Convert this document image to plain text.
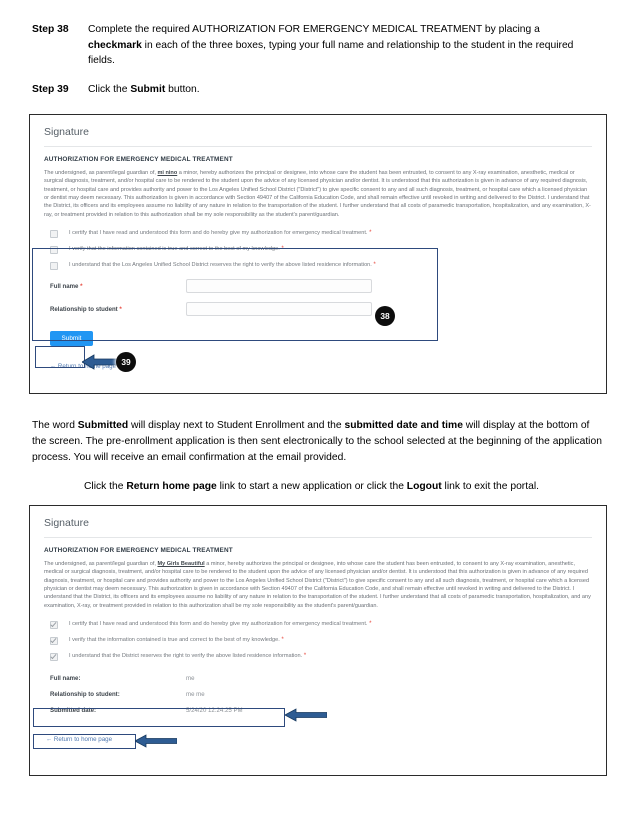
Step 38	Complete the required AUTHORIZATION FOR EMERGENCY MEDICAL TREATMENT by placing a checkmark in each of the three boxes, typing your full name and relationship to the student in the required fields.
Step 39	Click the Submit button.
Signature
AUTHORIZATION FOR EMERGENCY MEDICAL TREATMENT
The undersigned, as parent/legal guardian of, mi nino a minor, hereby authorizes the principal or designee, into whose care the student has been entrusted, to consent to any X-ray examination, anesthetic, medical or surgical diagnosis, treatment, and/or hospital care to be rendered to the student upon the advice of any licensed physician and/or dentist. It is understood that this authorization is given in advance of any required diagnosis, treatment, or hospital care and provides authority and power to the Los Angeles Unified School District ("District") to give specific consent to any and all such diagnosis, treatment, or hospital care which a licensed physician or dentist may deem necessary. This authorization is given in accordance with Section 49407 of the California Education Code, and shall remain effective until revoked in writing and delivered to the District. I understand that the District, its officers and its employees assume no liability of any nature in relation to the transportation of the student. I further understand that all costs of paramedic transportation, hospitalization, and any examination, X-ray, or treatment provided in relation to this authorization shall be my sole responsibility as the student's parent/guardian.
I certify that I have read and understood this form and do hereby give my authorization for emergency medical treatment. *
I verify that the information contained is true and correct to the best of my knowledge. *
I understand that the Los Angeles Unified School District reserves the right to verify the above listed residence information. *
Full name *
Relationship to student *
Submit
← Return to home page
38
39
The word Submitted will display next to Student Enrollment and the submitted date and time will display at the bottom of the screen. The pre-enrollment application is then sent electronically to the school selected at the beginning of the application process. You will receive an email confirmation at the email provided.
Click the Return home page link to start a new application or click the Logout link to exit the portal.
Signature
AUTHORIZATION FOR EMERGENCY MEDICAL TREATMENT
The undersigned, as parent/legal guardian of, My Girls Beautiful a minor, hereby authorizes the principal or designee, into whose care the student has been entrusted, to consent to any X-ray examination, anesthetic, medical or surgical diagnosis, treatment, and/or hospital care to be rendered to the student upon the advice of any licensed physician and/or dentist. It is understood that this authorization is given in advance of any required diagnosis, treatment, or hospital care and provides authority and power to the Los Angeles Unified School District ("District") to give specific consent to any and all such diagnosis, treatment, or hospital care which a licensed physician or dentist may deem necessary. This authorization is given in accordance with Section 49407 of the California Education Code, and shall remain effective until revoked in writing and delivered to the District. I understand that the District, its officers and its employees assume no liability of any nature in relation to the transportation of the student. I further understand that all costs of paramedic transportation, hospitalization, and any examination, X-ray, or treatment provided in relation to this authorization shall be my sole responsibility as the student's parent/guardian.
I certify that I have read and understood this form and do hereby give my authorization for emergency medical treatment. *
I verify that the information contained is true and correct to the best of my knowledge. *
I understand that the District reserves the right to verify the above listed residence information. *
Full name:	me
Relationship to student:	me me
Submitted date:	5/24/20 12:24:25 PM
← Return to home page
